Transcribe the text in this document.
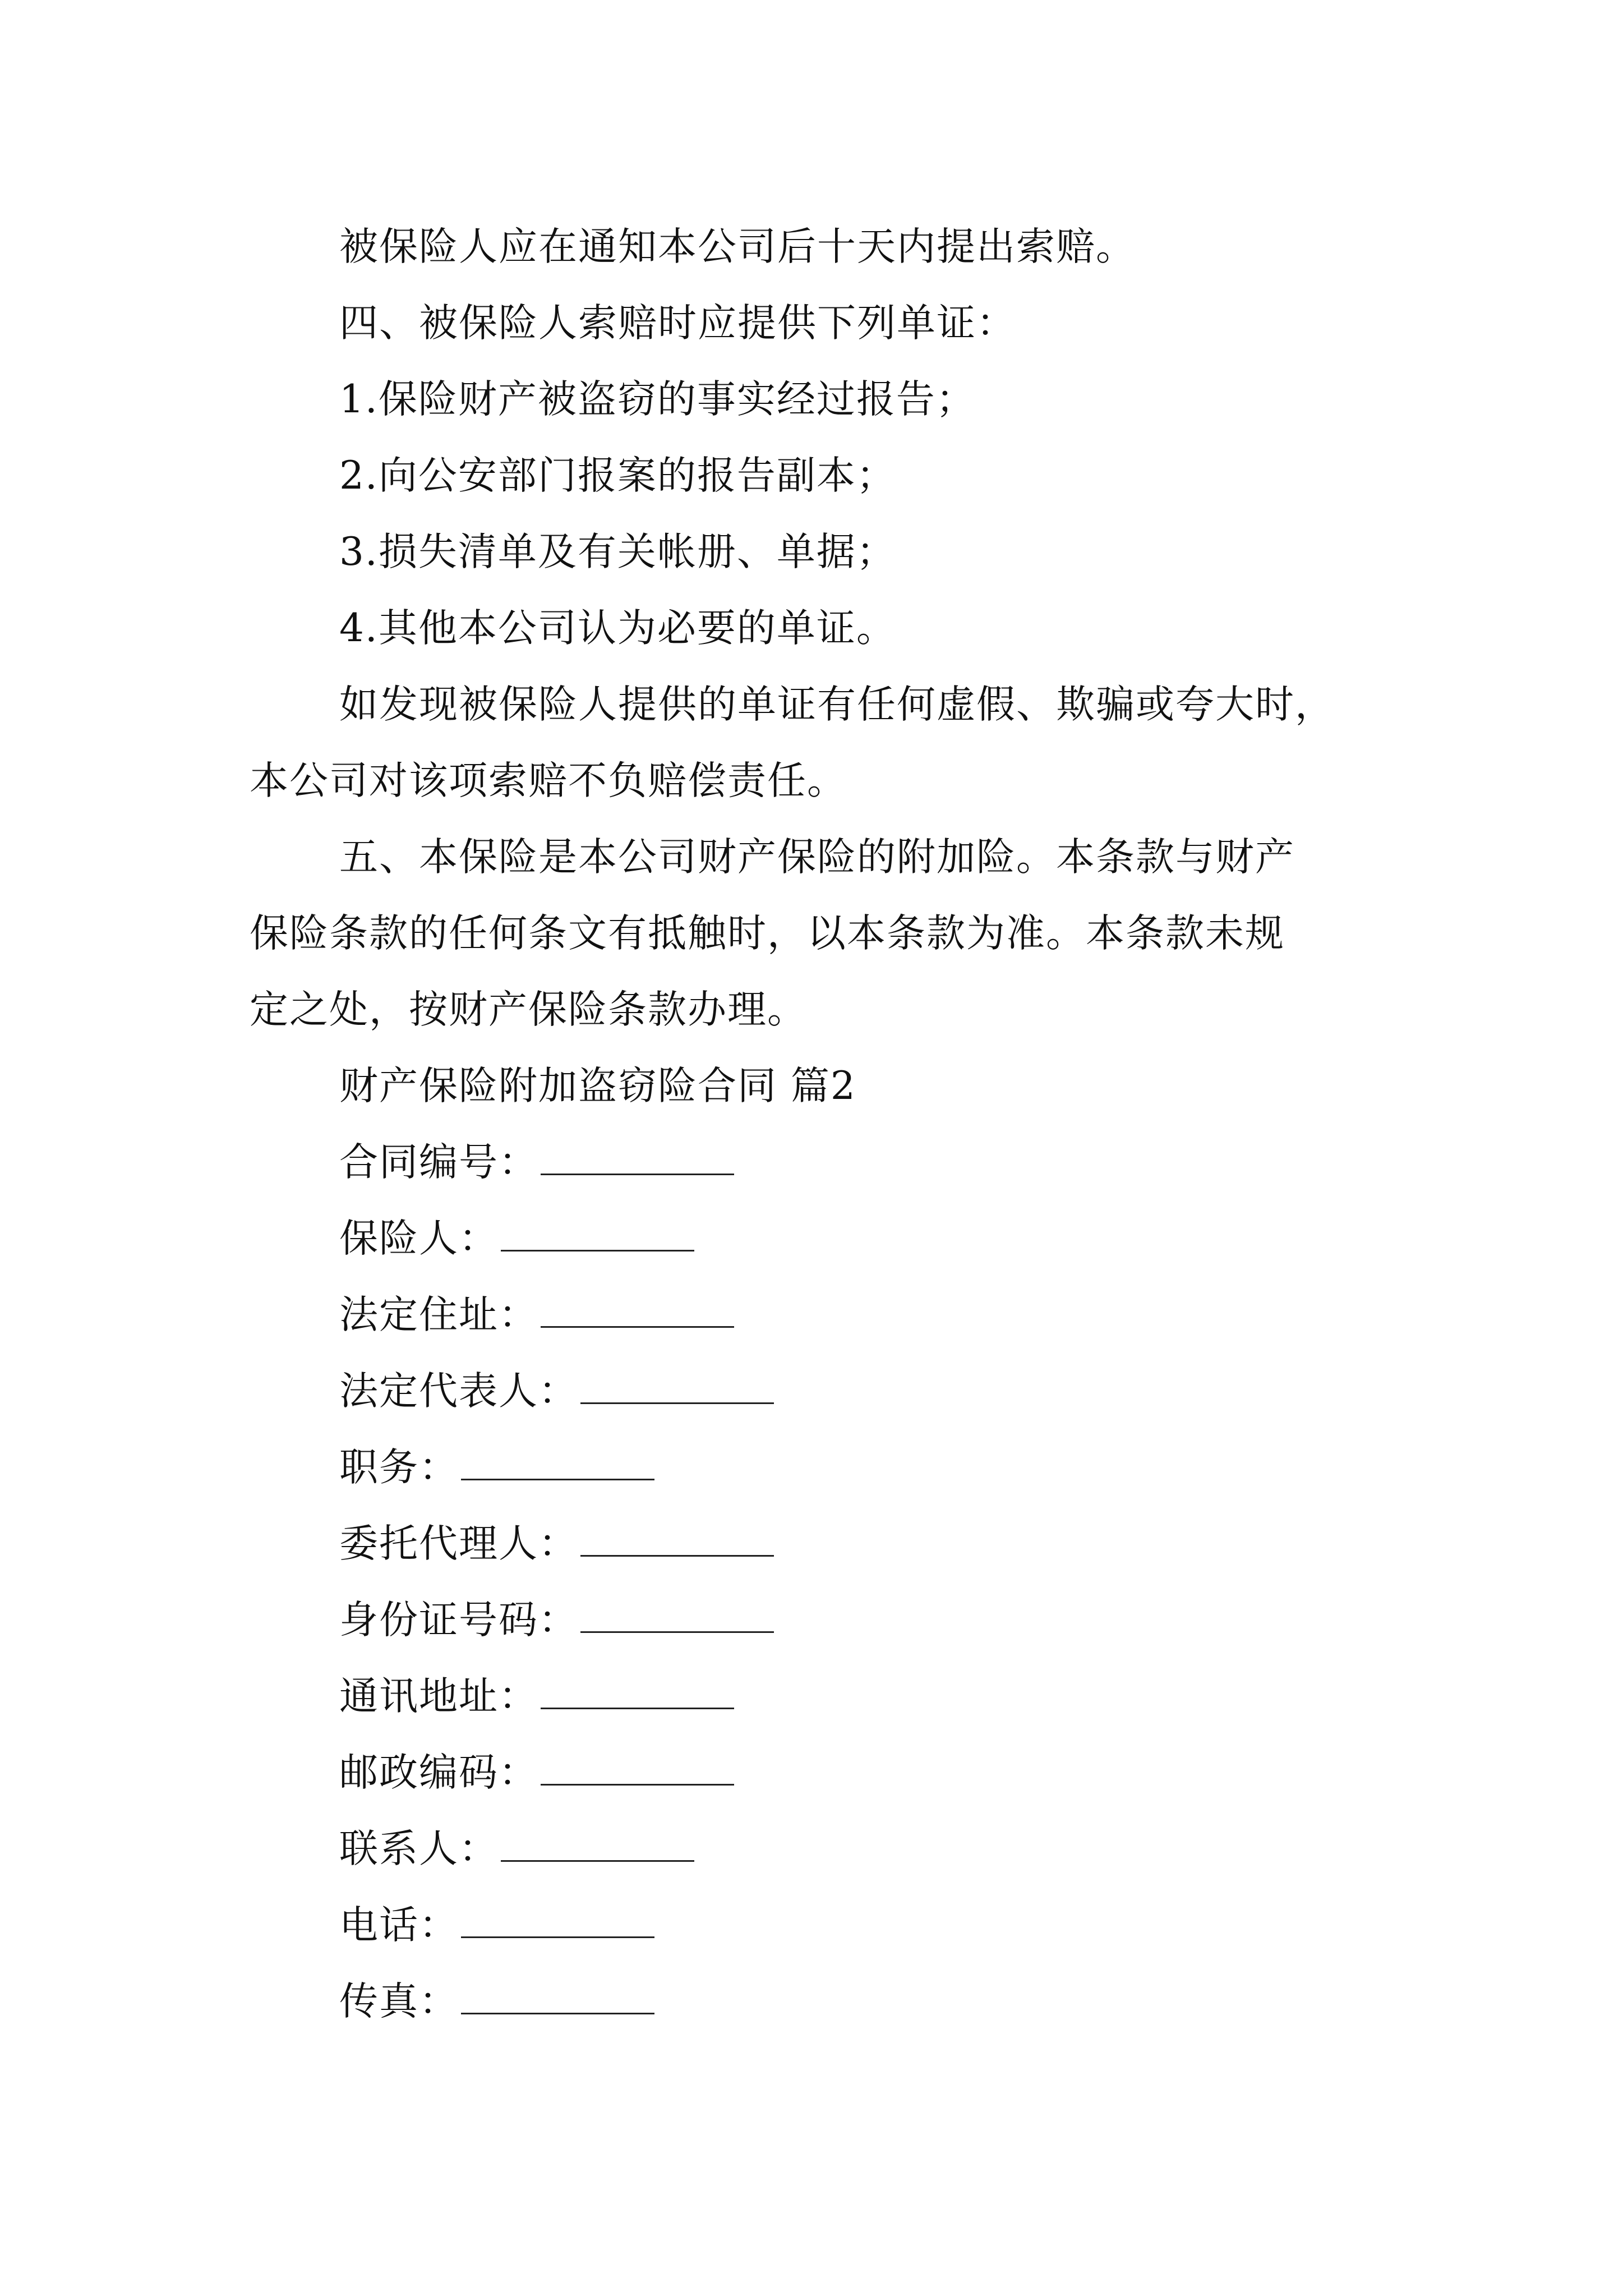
被保险人应在通知本公司后十天内提出索赔。
四、被保险人索赔时应提供下列单证：
1.保险财产被盗窃的事实经过报告；
2.向公安部门报案的报告副本；
3.损失清单及有关帐册、单据；
4.其他本公司认为必要的单证。
如发现被保险人提供的单证有任何虚假、欺骗或夸大时，
本公司对该项索赔不负赔偿责任。
五、本保险是本公司财产保险的附加险。本条款与财产
保险条款的任何条文有抵触时，以本条款为准。本条款未规
定之处，按财产保险条款办理。
财产保险附加盗窃险合同 篇2
合同编号：
保险人：
法定住址：
法定代表人：
职务：
委托代理人：
身份证号码：
通讯地址：
邮政编码：
联系人：
电话：
传真：
